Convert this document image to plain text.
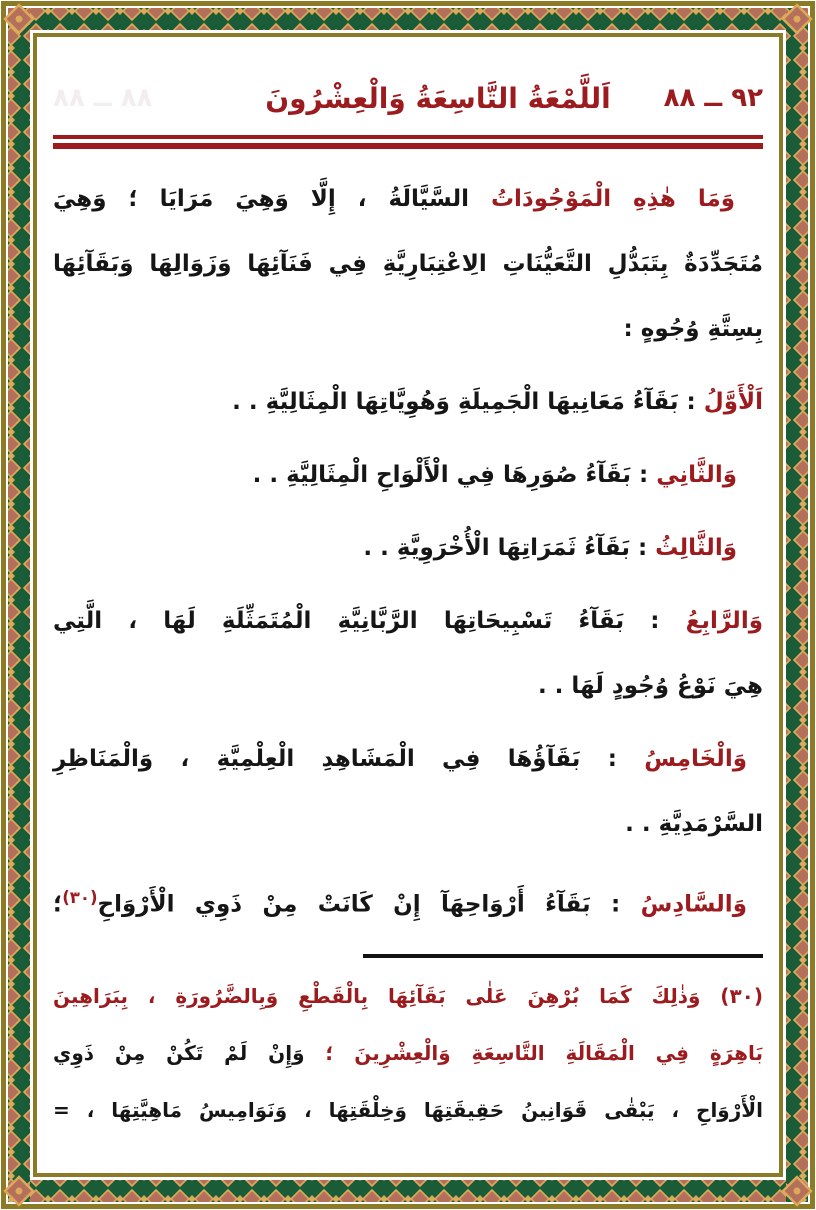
٩٢ ــ ٨٨
اَللَّمْعَةُ التَّاسِعَةُ وَالْعِشْرُونَ
٨٨ ــ ٨٨
وَمَا هٰذِهِ الْمَوْجُودَاتُ السَّيَّالَةُ ، إِلَّا وَهِيَ مَرَايَا ؛ وَهِيَ
مُتَجَدِّدَةٌ بِتَبَدُّلِ التَّعَيُّنَاتِ الِاعْتِبَارِيَّةِ فِي فَنَآئِهَا وَزَوَالِهَا وَبَقَآئِهَا
بِسِتَّةِ وُجُوهٍ :
اَلْأَوَّلُ : بَقَآءُ مَعَانِيهَا الْجَمِيلَةِ وَهُوِيَّاتِهَا الْمِثَالِيَّةِ . .
وَالثَّانِي : بَقَآءُ صُوَرِهَا فِي الْأَلْوَاحِ الْمِثَالِيَّةِ . .
وَالثَّالِثُ : بَقَآءُ ثَمَرَاتِهَا الْأُخْرَوِيَّةِ . .
وَالرَّابِعُ : بَقَآءُ تَسْبِيحَاتِهَا الرَّبَّانِيَّةِ الْمُتَمَثِّلَةِ لَهَا ، الَّتِي
هِيَ نَوْعُ وُجُودٍ لَهَا . .
وَالْخَامِسُ : بَقَآؤُهَا فِي الْمَشَاهِدِ الْعِلْمِيَّةِ ، وَالْمَنَاظِرِ
السَّرْمَدِيَّةِ . .
وَالسَّادِسُ : بَقَآءُ أَرْوَاحِهَآ إِنْ كَانَتْ مِنْ ذَوِي الْأَرْوَاحِ$^{(٣٠)}$؛
(٣٠) وَذٰلِكَ كَمَا بُرْهِنَ عَلٰى بَقَآئِهَا بِالْقَطْعِ وَبِالضَّرُورَةِ ، بِبَرَاهِينَ
بَاهِرَةٍ فِي الْمَقَالَةِ التَّاسِعَةِ وَالْعِشْرِينَ ؛ وَإِنْ لَمْ تَكُنْ مِنْ ذَوِي
الْأَرْوَاحِ ، يَبْقٰى قَوَانِينُ حَقِيقَتِهَا وَخِلْقَتِهَا ، وَنَوَامِيسُ مَاهِيَّتِهَا ، =
